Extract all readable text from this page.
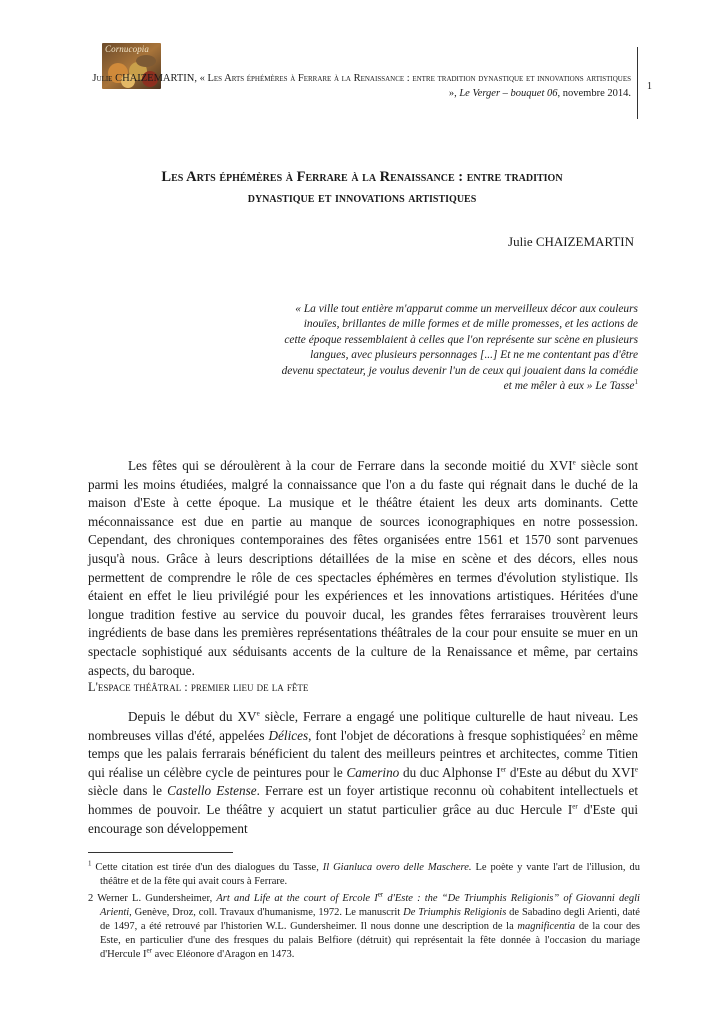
Cornucopia
Julie CHAIZEMARTIN, « Les Arts éphémères à Ferrare à la Renaissance : entre tradition dynastique et innovations artistiques », Le Verger – bouquet 06, novembre 2014.
1
Les Arts éphémères à Ferrare à la Renaissance : entre tradition
dynastique et innovations artistiques
Julie CHAIZEMARTIN
« La ville tout entière m'apparut comme un merveilleux décor aux couleurs inouïes, brillantes de mille formes et de mille promesses, et les actions de cette époque ressemblaient à celles que l'on représente sur scène en plusieurs langues, avec plusieurs personnages [...] Et ne me contentant pas d'être devenu spectateur, je voulus devenir l'un de ceux qui jouaient dans la comédie et me mêler à eux » Le Tasse$^1$

Les fêtes qui se déroulèrent à la cour de Ferrare dans la seconde moitié du XVIe siècle sont parmi les moins étudiées, malgré la connaissance que l'on a du faste qui régnait dans le duché de la maison d'Este à cette époque. La musique et le théâtre étaient les deux arts dominants. Cette méconnaissance est due en partie au manque de sources iconographiques en notre possession. Cependant, des chroniques contemporaines des fêtes organisées entre 1561 et 1570 sont parvenues jusqu'à nous. Grâce à leurs descriptions détaillées de la mise en scène et des décors, elles nous permettent de comprendre le rôle de ces spectacles éphémères en termes d'évolution stylistique. Ils étaient en effet le lieu privilégié pour les expériences et les innovations artistiques. Héritées d'une longue tradition festive au service du pouvoir ducal, les grandes fêtes ferraraises trouvèrent leurs ingrédients de base dans les premières représentations théâtrales de la cour pour ensuite se muer en un spectacle sophistiqué aux séduisants accents de la culture de la Renaissance et même, par certains aspects, du baroque.

L'espace théâtral : premier lieu de la fête

Depuis le début du XVe siècle, Ferrare a engagé une politique culturelle de haut niveau. Les nombreuses villas d'été, appelées Délices, font l'objet de décorations à fresque sophistiquées$^2$ en même temps que les palais ferrarais bénéficient du talent des meilleurs peintres et architectes, comme Titien qui réalise un célèbre cycle de peintures pour le Camerino du duc Alphonse Ier d'Este au début du XVIe siècle dans le Castello Estense. Ferrare est un foyer artistique reconnu où cohabitent intellectuels et hommes de pouvoir. Le théâtre y acquiert un statut particulier grâce au duc Hercule Ier d'Este qui encourage son développement

$^1$ Cette citation est tirée d'un des dialogues du Tasse, Il Gianluca overo delle Maschere. Le poète y vante l'art de l'illusion, du théâtre et de la fête qui avait cours à Ferrare.
2 Werner L. Gundersheimer, Art and Life at the court of Ercole Ier d'Este : the “De Triumphis Religionis” of Giovanni degli Arienti, Genève, Droz, coll. Travaux d'humanisme, 1972. Le manuscrit De Triumphis Religionis de Sabadino degli Arienti, daté de 1497, a été retrouvé par l'historien W.L. Gundersheimer. Il nous donne une description de la magnificentia de la cour des Este, en particulier d'une des fresques du palais Belfiore (détruit) qui représentait la fête donnée à l'occasion du mariage d'Hercule Ier avec Eléonore d'Aragon en 1473.
